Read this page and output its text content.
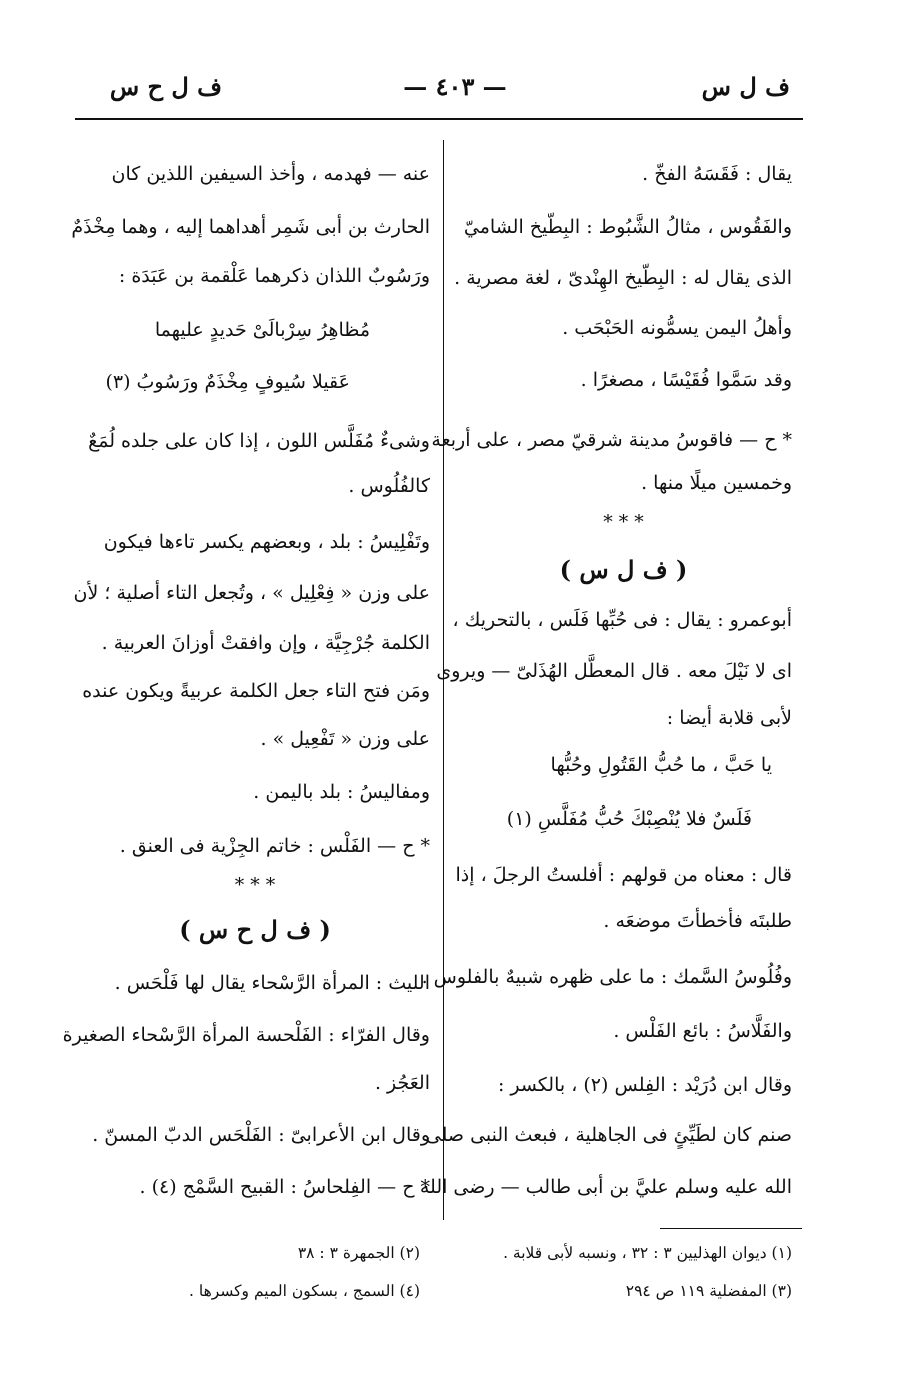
ف ل س
— ٤٠٣ —
ف ل ح س
يقال : فَقَسَهُ الفخّ .
والفَقُوس ، مثالُ الشَّبُوط : البِطّيخ الشاميّ
الذى يقال له : البِطّيخ الهِنْدىّ ، لغة مصرية .
وأهلُ اليمن يسمُّونه الحَبْحَب .
وقد سَمَّوا فُقَيْسًا ، مصغرًا .
* ح — فاقوسُ مدينة شرقيّ مصر ، على أربعة
وخمسين ميلًا منها .
* * *
( ف ل س )
أبوعمرو : يقال : فى حُبِّها فَلَس ، بالتحريك ،
اى لا نَيْلَ معه . قال المعطَّل الهُذَلىّ — ويروى
لأبى قلابة أيضا :
يا حَبَّ ، ما حُبُّ القَتُولِ وحُبُّها
فَلَسٌ فلا يُنْصِبْكَ حُبُّ مُفَلَّسِ (١)
قال : معناه من قولهم : أفلستُ الرجلَ ، إذا
طلبتَه فأخطأتَ موضعَه .
وفُلُوسُ السَّمك : ما على ظهره شبيهٌ بالفلوس .
والفَلَّاسُ : بائع الفَلْس .
وقال ابن دُرَيْد : الفِلس (٢) ، بالكسر :
صنم كان لطَيِّئٍ فى الجاهلية ، فبعث النبى صلى
الله عليه وسلم عليَّ بن أبى طالب — رضى الله
عنه — فهدمه ، وأخذ السيفين اللذين كان
الحارث بن أبى شَمِر أهداهما إليه ، وهما مِخْذَمٌ
ورَسُوبٌ اللذان ذكرهما عَلْقمة بن عَبَدَة :
مُظاهِرُ سِرْبالَىْ حَديدٍ عليهما
عَقيلا سُيوفٍ مِخْذَمٌ ورَسُوبُ (٣)
وشىءٌ مُفَلَّس اللون ، إذا كان على جلده لُمَعٌ
كالفُلُوس .
وتَفْلِيسُ : بلد ، وبعضهم يكسر تاءها فيكون
على وزن « فِعْلِيل » ، وتُجعل التاء أصلية ؛ لأن
الكلمة جُرْجِيَّة ، وإن وافقتْ أوزانَ العربية .
ومَن فتح التاء جعل الكلمة عربيةً ويكون عنده
على وزن « تَفْعِيل » .
ومفاليسُ : بلد باليمن .
* ح — الفَلْس : خاتم الجِزْية فى العنق .
* * *
( ف ل ح س )
الليث : المرأة الرَّسْحاء يقال لها فَلْحَس .
وقال الفرّاء : الفَلْحسة المرأة الرَّسْحاء الصغيرة
العَجُز .
وقال ابن الأعرابىّ : الفَلْحَس الدبّ المسنّ .
* ح — الفِلحاسُ : القبيح السَّمْج (٤) .
(١) ديوان الهذليين ٣ : ٣٢ ، ونسبه لأبى قلابة .
(٣) المفضلية ١١٩ ص ٢٩٤
(٢) الجمهرة ٣ : ٣٨
(٤) السمج ، بسكون الميم وكسرها .
